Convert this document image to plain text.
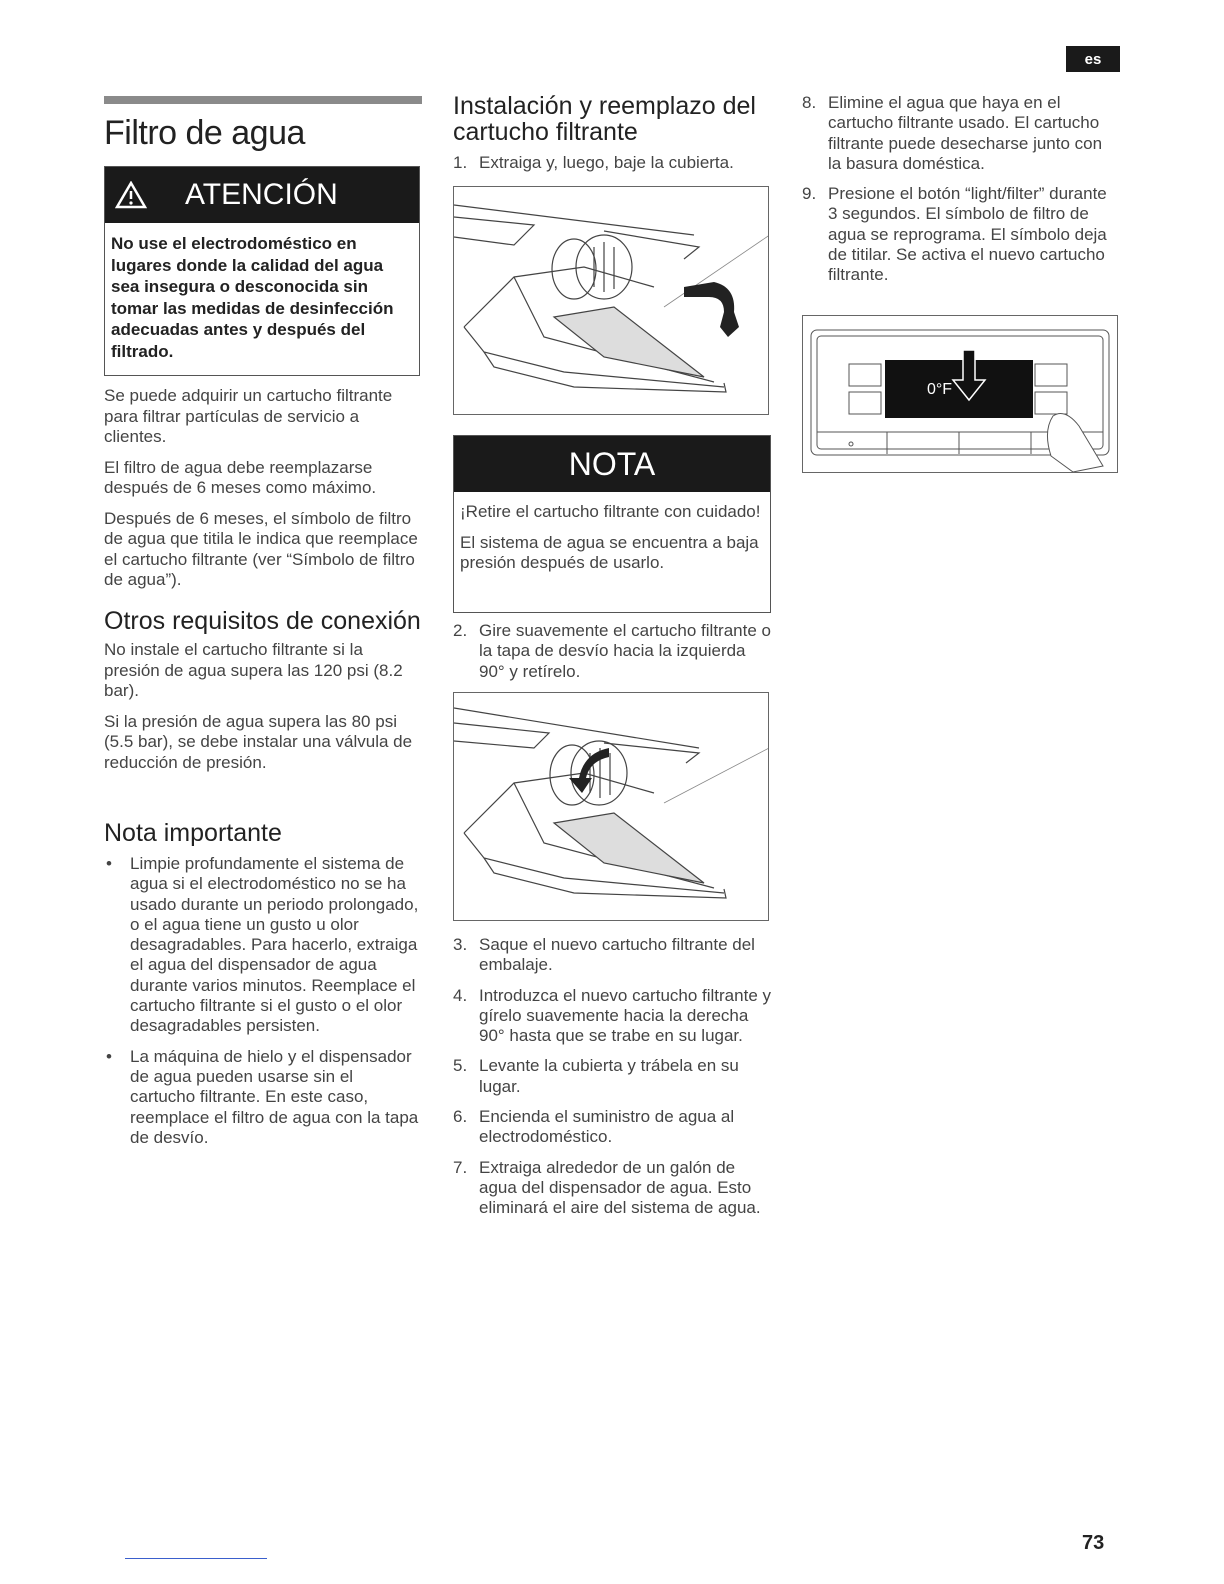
es
Filtro de agua
ATENCIÓN
No use el electrodoméstico en lugares donde la calidad del agua sea insegura o desconocida sin tomar las medidas de desinfección adecuadas antes y después del filtrado.

Se puede adquirir un cartucho filtrante para filtrar partículas de servicio a clientes.

El filtro de agua debe reemplazarse después de 6 meses como máximo.

Después de 6 meses, el símbolo de filtro de agua que titila le indica que reemplace el cartucho filtrante (ver “Símbolo de filtro de agua”).

Otros requisitos de conexión

No instale el cartucho filtrante si la presión de agua supera las 120 psi (8.2 bar).

Si la presión de agua supera las 80 psi (5.5 bar), se debe instalar una válvula de reducción de presión.

Nota importante
• Limpie profundamente el sistema de agua si el electrodoméstico no se ha usado durante un periodo prolongado, o el agua tiene un gusto u olor desagradables. Para hacerlo, extraiga el agua del dispensador de agua durante varios minutos. Reemplace el cartucho filtrante si el gusto o el olor desagradables persisten.
• La máquina de hielo y el dispensador de agua pueden usarse sin el cartucho filtrante. En este caso, reemplace el filtro de agua con la tapa de desvío.
Instalación y reemplazo del cartucho filtrante
1. Extraiga y, luego, baje la cubierta.
NOTA

¡Retire el cartucho filtrante con cuidado!

El sistema de agua se encuentra a baja presión después de usarlo.

2. Gire suavemente el cartucho filtrante o la tapa de desvío hacia la izquierda 90° y retírelo.
3. Saque el nuevo cartucho filtrante del embalaje.
4. Introduzca el nuevo cartucho filtrante y gírelo suavemente hacia la derecha 90° hasta que se trabe en su lugar.
5. Levante la cubierta y trábela en su lugar.
6. Encienda el suministro de agua al electrodoméstico.
7. Extraiga alrededor de un galón de agua del dispensador de agua. Esto eliminará el aire del sistema de agua.
8. Elimine el agua que haya en el cartucho filtrante usado. El cartucho filtrante puede desecharse junto con la basura doméstica.
9. Presione el botón “light/filter” durante 3 segundos. El símbolo de filtro de agua se reprograma. El símbolo deja de titilar. Se activa el nuevo cartucho filtrante.
0°F
73
